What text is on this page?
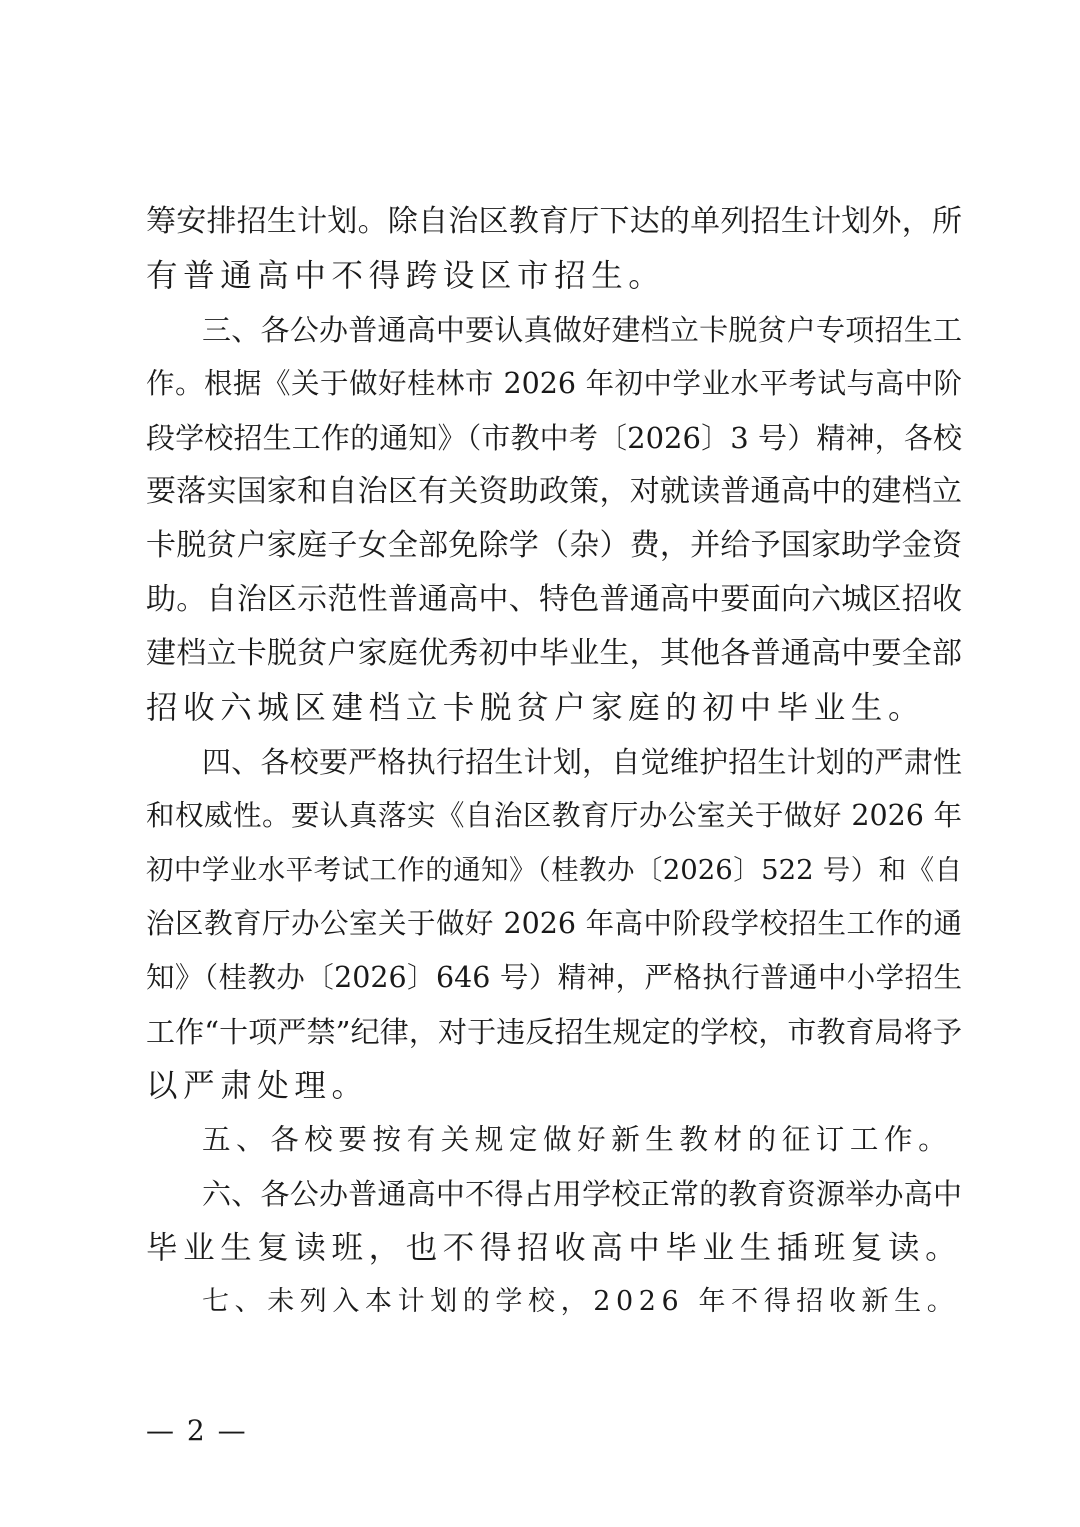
筹安排招生计划。除自治区教育厅下达的单列招生计划外，所
有普通高中不得跨设区市招生。
三、各公办普通高中要认真做好建档立卡脱贫户专项招生工
作。根据《关于做好桂林市 2026 年初中学业水平考试与高中阶
段学校招生工作的通知》（市教中考〔2026〕3 号）精神，各校
要落实国家和自治区有关资助政策，对就读普通高中的建档立
卡脱贫户家庭子女全部免除学（杂）费，并给予国家助学金资
助。自治区示范性普通高中、特色普通高中要面向六城区招收
建档立卡脱贫户家庭优秀初中毕业生，其他各普通高中要全部
招收六城区建档立卡脱贫户家庭的初中毕业生。
四、各校要严格执行招生计划，自觉维护招生计划的严肃性
和权威性。要认真落实《自治区教育厅办公室关于做好 2026 年
初中学业水平考试工作的通知》（桂教办〔2026〕522 号）和《自
治区教育厅办公室关于做好 2026 年高中阶段学校招生工作的通
知》（桂教办〔2026〕646 号）精神，严格执行普通中小学招生
工作“十项严禁”纪律，对于违反招生规定的学校，市教育局将予
以严肃处理。
五、各校要按有关规定做好新生教材的征订工作。
六、各公办普通高中不得占用学校正常的教育资源举办高中
毕业生复读班，也不得招收高中毕业生插班复读。
七、未列入本计划的学校，2026 年不得招收新生。
— 2 —
